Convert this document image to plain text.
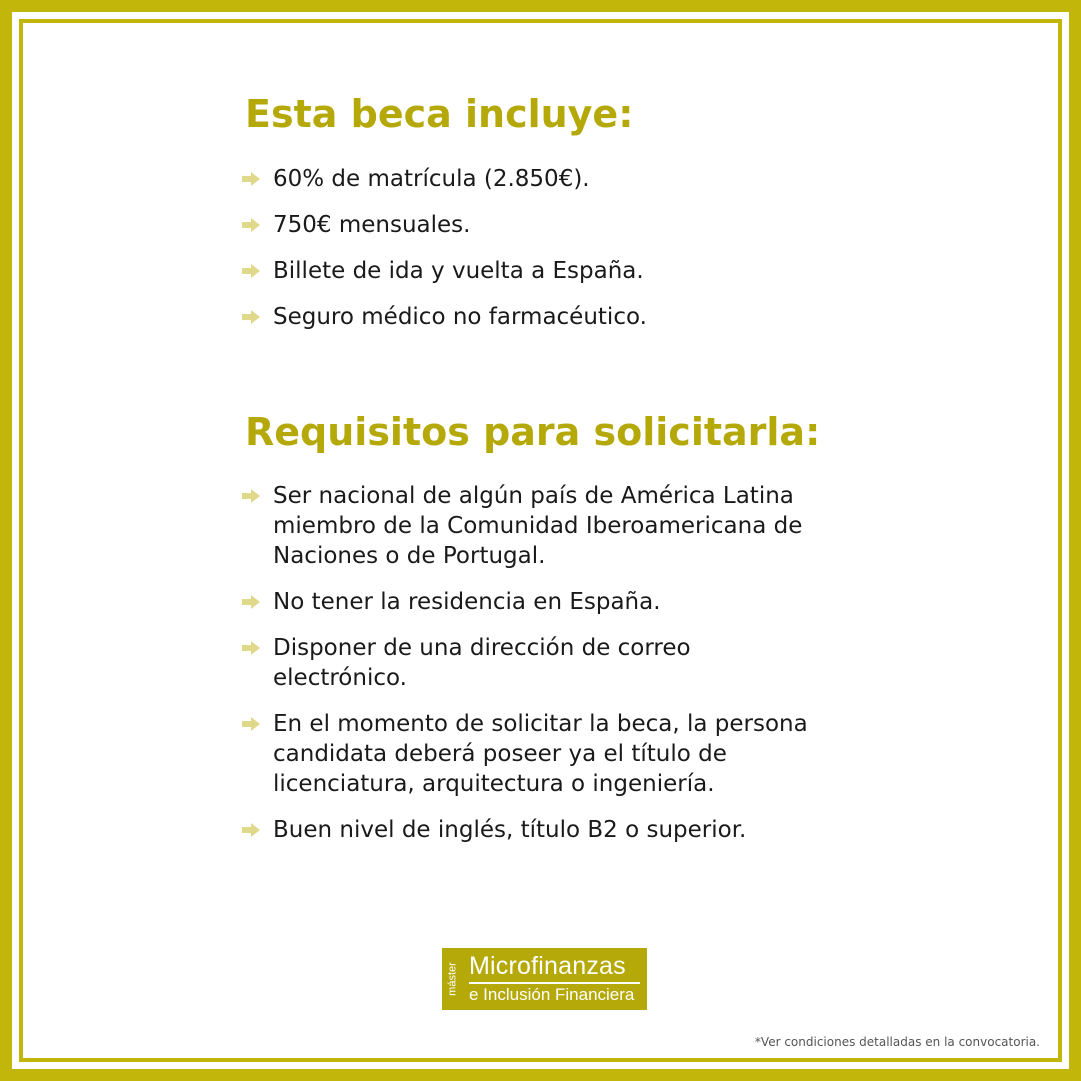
Esta beca incluye:
60% de matrícula (2.850€).
750€ mensuales.
Billete de ida y vuelta a España.
Seguro médico no farmacéutico.
Requisitos para solicitarla:
Ser nacional de algún país de América Latina
miembro de la Comunidad Iberoamericana de
Naciones o de Portugal.
No tener la residencia en España.
Disponer de una dirección de correo
electrónico.
En el momento de solicitar la beca, la persona
candidata deberá poseer ya el título de
licenciatura, arquitectura o ingeniería.
Buen nivel de inglés, título B2 o superior.
máster Microfinanzas
e Inclusión Financiera
*Ver condiciones detalladas en la convocatoria.
